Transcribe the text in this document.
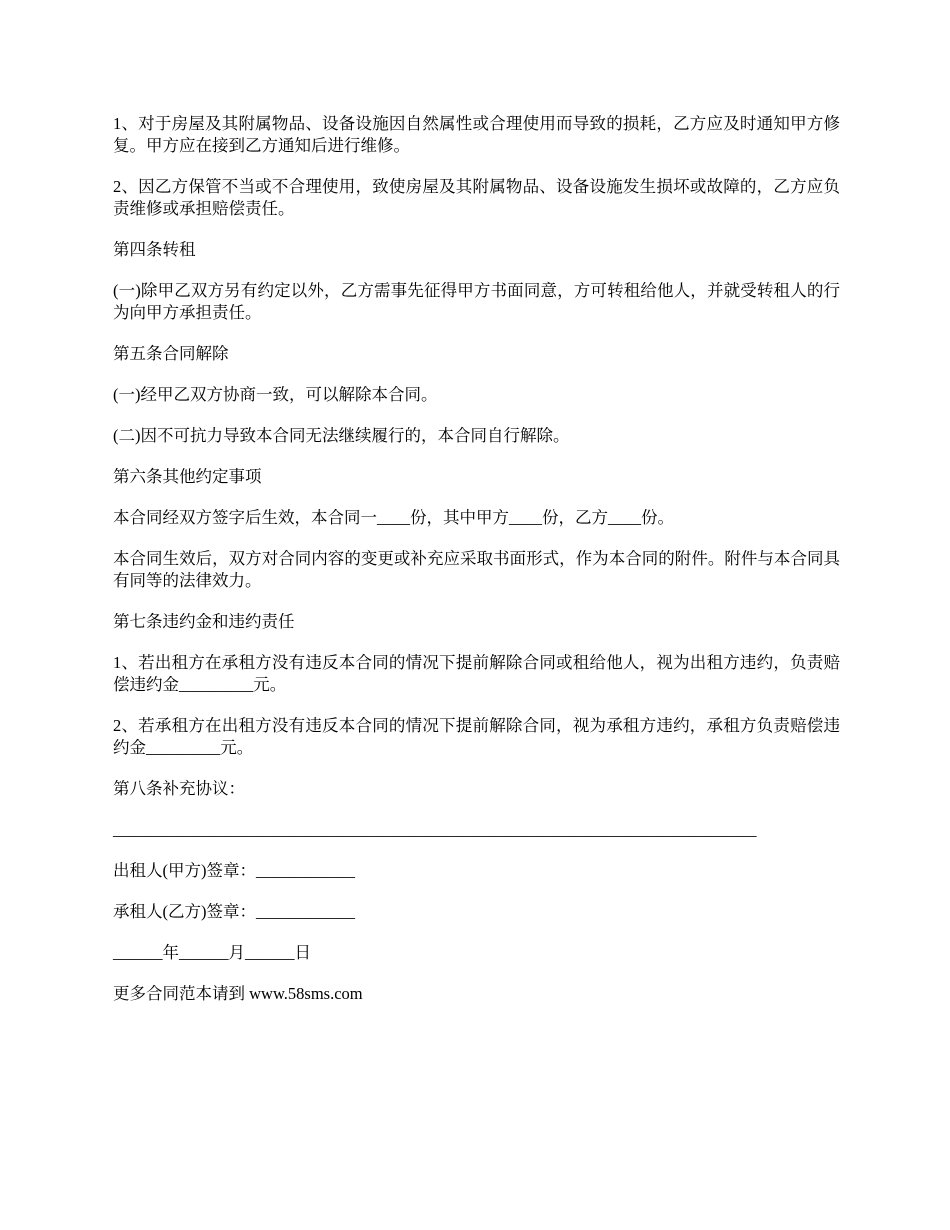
1、对于房屋及其附属物品、设备设施因自然属性或合理使用而导致的损耗，乙方应及时通知甲方修复。甲方应在接到乙方通知后进行维修。

2、因乙方保管不当或不合理使用，致使房屋及其附属物品、设备设施发生损坏或故障的，乙方应负责维修或承担赔偿责任。

第四条转租

(一)除甲乙双方另有约定以外，乙方需事先征得甲方书面同意，方可转租给他人，并就受转租人的行为向甲方承担责任。

第五条合同解除

(一)经甲乙双方协商一致，可以解除本合同。

(二)因不可抗力导致本合同无法继续履行的，本合同自行解除。

第六条其他约定事项

本合同经双方签字后生效，本合同一____份，其中甲方____份，乙方____份。

本合同生效后，双方对合同内容的变更或补充应采取书面形式，作为本合同的附件。附件与本合同具有同等的法律效力。

第七条违约金和违约责任

1、若出租方在承租方没有违反本合同的情况下提前解除合同或租给他人，视为出租方违约，负责赔偿违约金_________元。

2、若承租方在出租方没有违反本合同的情况下提前解除合同，视为承租方违约，承租方负责赔偿违约金_________元。

第八条补充协议：

______________________________________________________________________________

出租人(甲方)签章：____________

承租人(乙方)签章：____________

______年______月______日

更多合同范本请到 www.58sms.com
